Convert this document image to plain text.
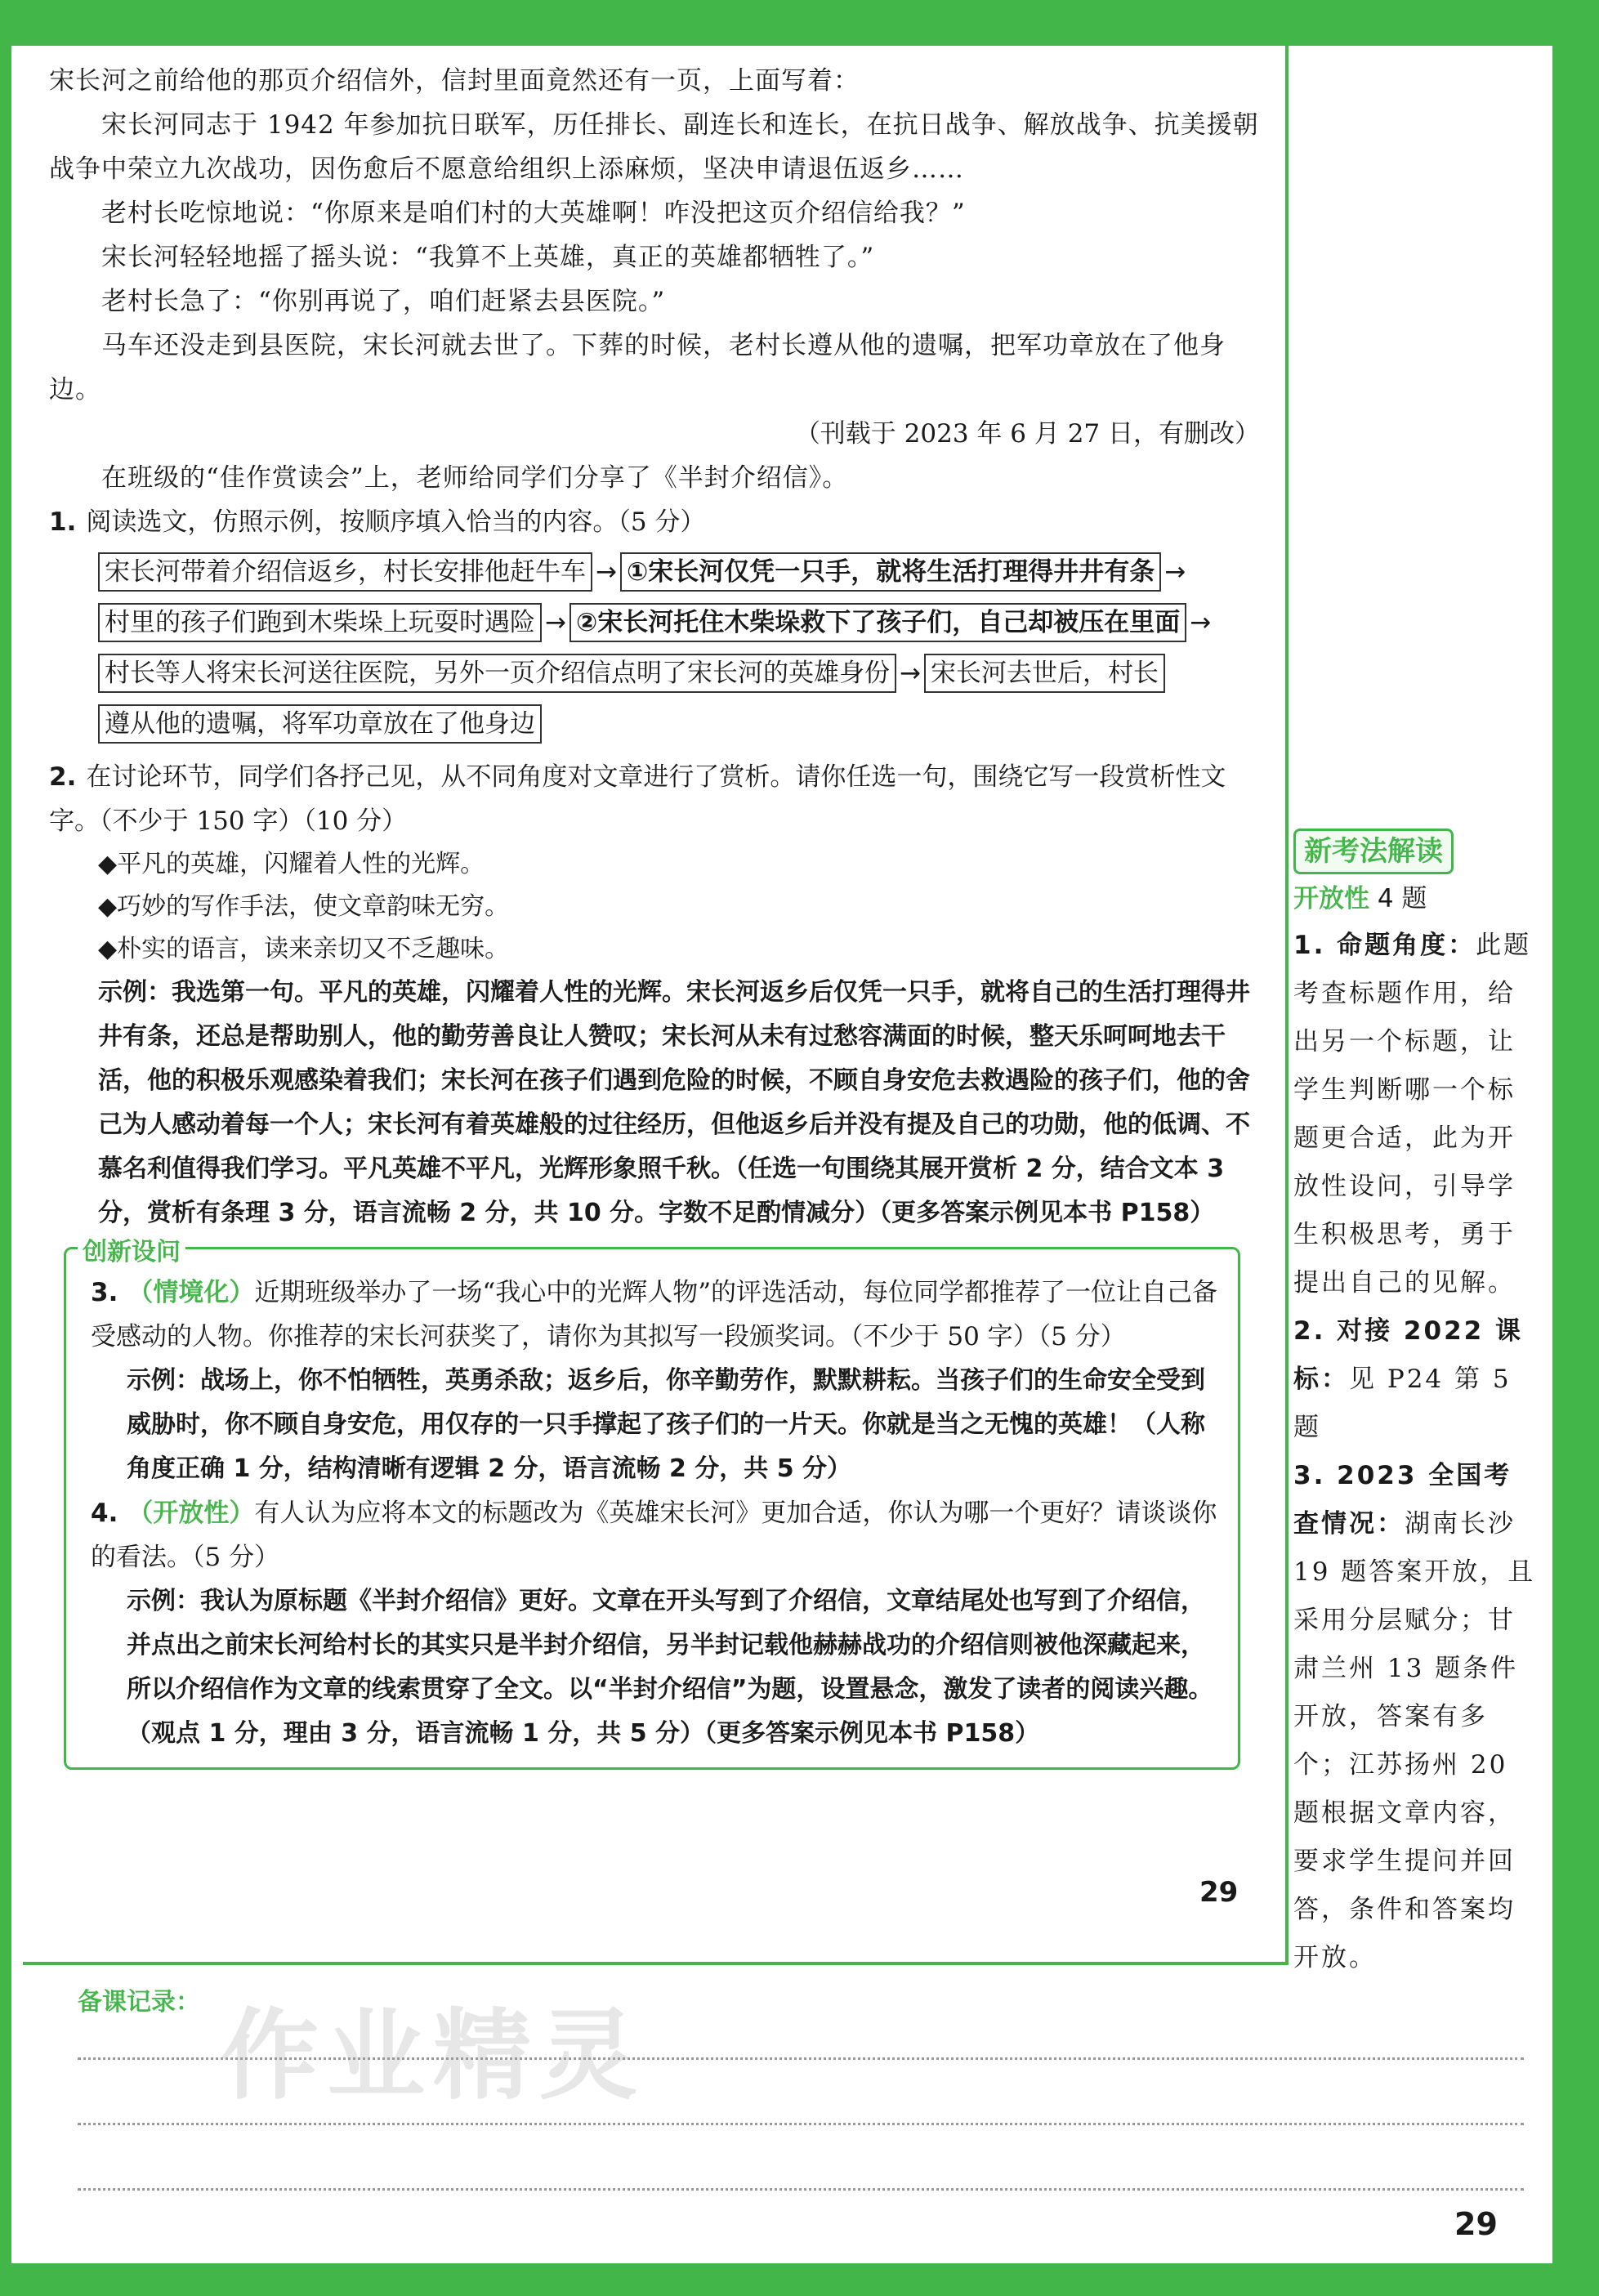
宋长河之前给他的那页介绍信外，信封里面竟然还有一页，上面写着：

宋长河同志于 1942 年参加抗日联军，历任排长、副连长和连长，在抗日战争、解放战争、抗美援朝战争中荣立九次战功，因伤愈后不愿意给组织上添麻烦，坚决申请退伍返乡……

老村长吃惊地说：“你原来是咱们村的大英雄啊！咋没把这页介绍信给我？”

宋长河轻轻地摇了摇头说：“我算不上英雄，真正的英雄都牺牲了。”

老村长急了：“你别再说了，咱们赶紧去县医院。”

马车还没走到县医院，宋长河就去世了。下葬的时候，老村长遵从他的遗嘱，把军功章放在了他身边。

（刊载于 2023 年 6 月 27 日，有删改）

在班级的“佳作赏读会”上，老师给同学们分享了《半封介绍信》。

1. 阅读选文，仿照示例，按顺序填入恰当的内容。（5 分）

宋长河带着介绍信返乡，村长安排他赶牛车 → ①宋长河仅凭一只手，就将生活打理得井井有条 →
村里的孩子们跑到木柴垛上玩耍时遇险 → ②宋长河托住木柴垛救下了孩子们，自己却被压在里面 →
村长等人将宋长河送往医院，另外一页介绍信点明了宋长河的英雄身份 → 宋长河去世后，村长
遵从他的遗嘱，将军功章放在了他身边

2. 在讨论环节，同学们各抒己见，从不同角度对文章进行了赏析。请你任选一句，围绕它写一段赏析性文字。（不少于 150 字）（10 分）

◆平凡的英雄，闪耀着人性的光辉。

◆巧妙的写作手法，使文章韵味无穷。

◆朴实的语言，读来亲切又不乏趣味。

示例：我选第一句。平凡的英雄，闪耀着人性的光辉。宋长河返乡后仅凭一只手，就将自己的生活打理得井井有条，还总是帮助别人，他的勤劳善良让人赞叹；宋长河从未有过愁容满面的时候，整天乐呵呵地去干活，他的积极乐观感染着我们；宋长河在孩子们遇到危险的时候，不顾自身安危去救遇险的孩子们，他的舍己为人感动着每一个人；宋长河有着英雄般的过往经历，但他返乡后并没有提及自己的功勋，他的低调、不慕名利值得我们学习。平凡英雄不平凡，光辉形象照千秋。（任选一句围绕其展开赏析 2 分，结合文本 3 分，赏析有条理 3 分，语言流畅 2 分，共 10 分。字数不足酌情减分）（更多答案示例见本书 P158）

创新设问

3. （情境化）近期班级举办了一场“我心中的光辉人物”的评选活动，每位同学都推荐了一位让自己备受感动的人物。你推荐的宋长河获奖了，请你为其拟写一段颁奖词。（不少于 50 字）（5 分）

示例：战场上，你不怕牺牲，英勇杀敌；返乡后，你辛勤劳作，默默耕耘。当孩子们的生命安全受到威胁时，你不顾自身安危，用仅存的一只手撑起了孩子们的一片天。你就是当之无愧的英雄！（人称角度正确 1 分，结构清晰有逻辑 2 分，语言流畅 2 分，共 5 分）

4. （开放性）有人认为应将本文的标题改为《英雄宋长河》更加合适，你认为哪一个更好？请谈谈你的看法。（5 分）

示例：我认为原标题《半封介绍信》更好。文章在开头写到了介绍信，文章结尾处也写到了介绍信，并点出之前宋长河给村长的其实只是半封介绍信，另半封记载他赫赫战功的介绍信则被他深藏起来，所以介绍信作为文章的线索贯穿了全文。以“半封介绍信”为题，设置悬念，激发了读者的阅读兴趣。（观点 1 分，理由 3 分，语言流畅 1 分，共 5 分）（更多答案示例见本书 P158）

29
新考法解读
开放性 4 题
1. 命题角度：此题考查标题作用，给出另一个标题，让学生判断哪一个标题更合适，此为开放性设问，引导学生积极思考，勇于提出自己的见解。
2. 对接 2022 课标：见 P24 第 5 题
3. 2023 全国考查情况：湖南长沙 19 题答案开放，且采用分层赋分；甘肃兰州 13 题条件开放，答案有多个；江苏扬州 20 题根据文章内容，要求学生提问并回答，条件和答案均开放。
备课记录： 作业精灵
29
